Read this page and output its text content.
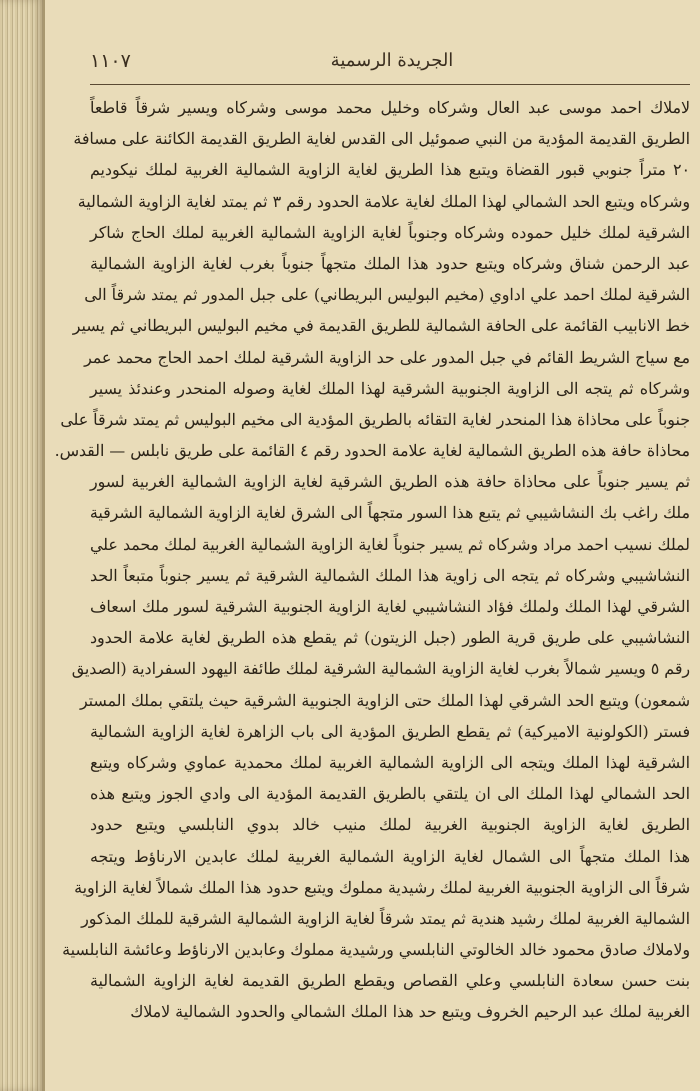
١١٠٧	الجريدة الرسمية
لاملاك احمد موسى عبد العال وشركاه وخليل محمد موسى وشركاه ويسير شرقاً قاطعاً
الطريق القديمة المؤدية من النبي صموئيل الى القدس لغاية الطريق القديمة الكائنة على مسافة
٢٠ متراً جنوبي قبور القضاة ويتبع هذا الطريق لغاية الزاوية الشمالية الغربية لملك نيكوديم
وشركاه ويتبع الحد الشمالي لهذا الملك لغاية علامة الحدود رقم ٣ ثم يمتد لغاية الزاوية الشمالية
الشرقية لملك خليل حموده وشركاه وجنوباً لغاية الزاوية الشمالية الغربية لملك الحاج شاكر
عبد الرحمن شناق وشركاه ويتبع حدود هذا الملك متجهاً جنوباً بغرب لغاية الزاوية الشمالية
الشرقية لملك احمد علي اداوي (مخيم البوليس البريطاني) على جبل المدور ثم يمتد شرقاً الى
خط الانابيب القائمة على الحافة الشمالية للطريق القديمة في مخيم البوليس البريطاني ثم يسير
مع سياج الشريط القائم في جبل المدور على حد الزاوية الشرقية لملك احمد الحاج محمد عمر
وشركاه ثم يتجه الى الزاوية الجنوبية الشرقية لهذا الملك لغاية وصوله المنحدر وعندئذ يسير
جنوباً على محاذاة هذا المنحدر لغاية التقائه بالطريق المؤدية الى مخيم البوليس ثم يمتد شرقاً على
محاذاة حافة هذه الطريق الشمالية لغاية علامة الحدود رقم ٤ القائمة على طريق نابلس — القدس.
ثم يسير جنوباً على محاذاة حافة هذه الطريق الشرقية لغاية الزاوية الشمالية الغربية لسور
ملك راغب بك النشاشيبي ثم يتبع هذا السور متجهاً الى الشرق لغاية الزاوية الشمالية الشرقية
لملك نسيب احمد مراد وشركاه ثم يسير جنوباً لغاية الزاوية الشمالية الغربية لملك محمد علي
النشاشيبي وشركاه ثم يتجه الى زاوية هذا الملك الشمالية الشرقية ثم يسير جنوباً متبعاً الحد
الشرقي لهذا الملك ولملك فؤاد النشاشيبي لغاية الزاوية الجنوبية الشرقية لسور ملك اسعاف
النشاشيبي على طريق قرية الطور (جبل الزيتون) ثم يقطع هذه الطريق لغاية علامة الحدود
رقم ٥ ويسير شمالاً بغرب لغاية الزاوية الشمالية الشرقية لملك طائفة اليهود السفرادية (الصديق
شمعون) ويتبع الحد الشرقي لهذا الملك حتى الزاوية الجنوبية الشرقية حيث يلتقي بملك المستر
فستر (الكولونية الاميركية) ثم يقطع الطريق المؤدية الى باب الزاهرة لغاية الزاوية الشمالية
الشرقية لهذا الملك ويتجه الى الزاوية الشمالية الغربية لملك محمدية عماوي وشركاه ويتبع
الحد الشمالي لهذا الملك الى ان يلتقي بالطريق القديمة المؤدية الى وادي الجوز ويتبع هذه
الطريق لغاية الزاوية الجنوبية الغربية لملك منيب خالد بدوي النابلسي ويتبع حدود
هذا الملك متجهاً الى الشمال لغاية الزاوية الشمالية الغربية لملك عابدين الارناؤط ويتجه
شرقاً الى الزاوية الجنوبية الغربية لملك رشيدية مملوك ويتبع حدود هذا الملك شمالاً لغاية الزاوية
الشمالية الغربية لملك رشيد هندية ثم يمتد شرقاً لغاية الزاوية الشمالية الشرقية للملك المذكور
ولاملاك صادق محمود خالد الخالوتي النابلسي ورشيدية مملوك وعابدين الارناؤط وعائشة النابلسية
بنت حسن سعادة النابلسي وعلي القصاص ويقطع الطريق القديمة لغاية الزاوية الشمالية
الغربية لملك عبد الرحيم الخروف ويتبع حد هذا الملك الشمالي والحدود الشمالية لاملاك
